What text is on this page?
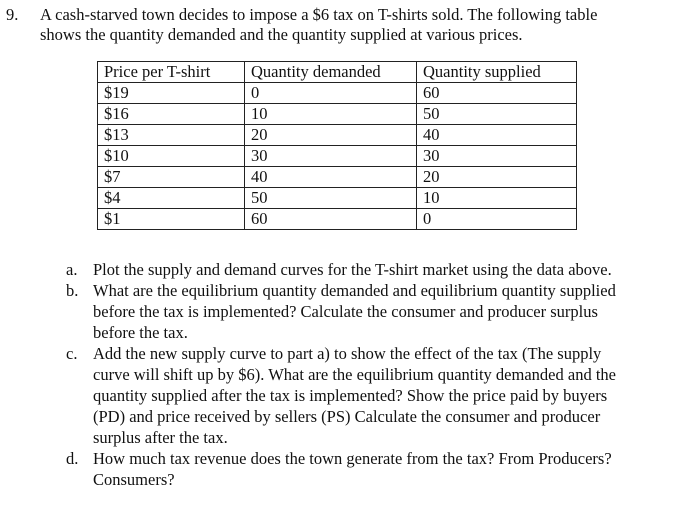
9. A cash-starved town decides to impose a $6 tax on T-shirts sold. The following table
shows the quantity demanded and the quantity supplied at various prices.
Price per T-shirt	Quantity demanded	Quantity supplied
$19	0	60
$16	10	50
$13	20	40
$10	30	30
$7	40	20
$4	50	10
$1	60	0
a. Plot the supply and demand curves for the T-shirt market using the data above.
b. What are the equilibrium quantity demanded and equilibrium quantity supplied
before the tax is implemented? Calculate the consumer and producer surplus
before the tax.
c. Add the new supply curve to part a) to show the effect of the tax (The supply
curve will shift up by $6). What are the equilibrium quantity demanded and the
quantity supplied after the tax is implemented? Show the price paid by buyers
(PD) and price received by sellers (PS) Calculate the consumer and producer
surplus after the tax.
d. How much tax revenue does the town generate from the tax? From Producers?
Consumers?
